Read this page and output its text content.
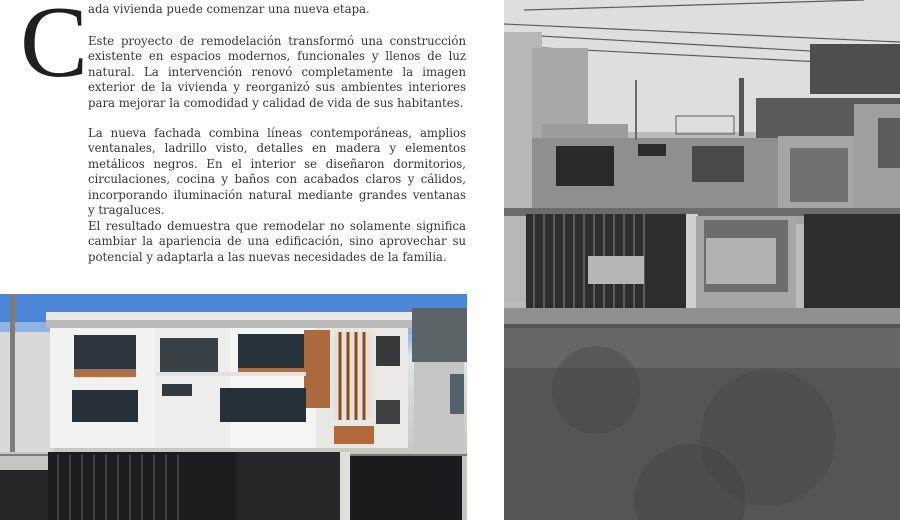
C ada vivienda puede comenzar una nueva etapa.
Este proyecto de remodelación transformó una construcción
existente en espacios modernos, funcionales y llenos de luz
natural. La intervención renovó completamente la imagen
exterior de la vivienda y reorganizó sus ambientes interiores
para mejorar la comodidad y calidad de vida de sus habitantes.
La nueva fachada combina líneas contemporáneas, amplios
ventanales, ladrillo visto, detalles en madera y elementos
metálicos negros. En el interior se diseñaron dormitorios,
circulaciones, cocina y baños con acabados claros y cálidos,
incorporando iluminación natural mediante grandes ventanas
y tragaluces.
El resultado demuestra que remodelar no solamente significa
cambiar la apariencia de una edificación, sino aprovechar su
potencial y adaptarla a las nuevas necesidades de la familia.
